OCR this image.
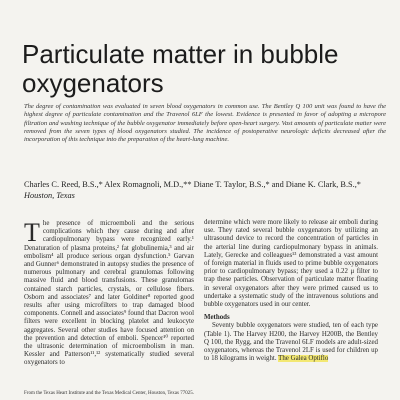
Particulate matter in bubble oxygenators
The degree of contamination was evaluated in seven blood oxygenators in common use. The Bentley Q 100 unit was found to have the highest degree of particulate contamination and the Travenol 6LF the lowest. Evidence is presented in favor of adopting a micropore filtration and washing technique of the bubble oxygenator immediately before open-heart surgery. Vast amounts of particulate matter were removed from the seven types of blood oxygenators studied. The incidence of postoperative neurologic deficits decreased after the incorporation of this technique into the preparation of the heart-lung machine.
Charles C. Reed, B.S.,* Alex Romagnoli, M.D.,** Diane T. Taylor, B.S.,* and Diane K. Clark, B.S.,* Houston, Texas

The presence of microemboli and the serious complications which they cause during and after cardiopulmonary bypass were recognized early.¹ Denaturation of plasma proteins,² fat globulinemia,³ and air embolism⁴ all produce serious organ dysfunction.⁵ Garvan and Gunner⁶ demonstrated in autopsy studies the presence of numerous pulmonary and cerebral granulomas following massive fluid and blood transfusions. These granulomas contained starch particles, crystals, or cellulose fibers. Osborn and associates⁷ and later Goldiner⁸ reported good results after using microfilters to trap damaged blood components. Connell and associates⁹ found that Dacron wool filters were excellent in blocking platelet and leukocyte aggregates. Several other studies have focused attention on the prevention and detection of emboli. Spencer¹⁰ reported the ultrasonic determination of microembolism in man. Kessler and Patterson¹¹,¹² systematically studied several oxygenators to

From the Texas Heart Institute and the Texas Medical Center, Houston, Texas 77025.

determine which were more likely to release air emboli during use. They rated several bubble oxygenators by utilizing an ultrasound device to record the concentration of particles in the arterial line during cardiopulmonary bypass in animals. Lately, Gerecke and colleagues¹³ demonstrated a vast amount of foreign material in fluids used to prime bubble oxygenators prior to cardiopulmonary bypass; they used a 0.22 μ filter to trap these particles. Observation of particulate matter floating in several oxygenators after they were primed caused us to undertake a systematic study of the intravenous solutions and bubble oxygenators used in our center.

Methods

Seventy bubble oxygenators were studied, ten of each type (Table 1). The Harvey H200, the Harvey H200B, the Bentley Q 100, the Rygg, and the Travenol 6LF models are adult-sized oxygenators, whereas the Travenol 2LF is used for children up to 18 kilograms in weight. The Galea Optiflo
